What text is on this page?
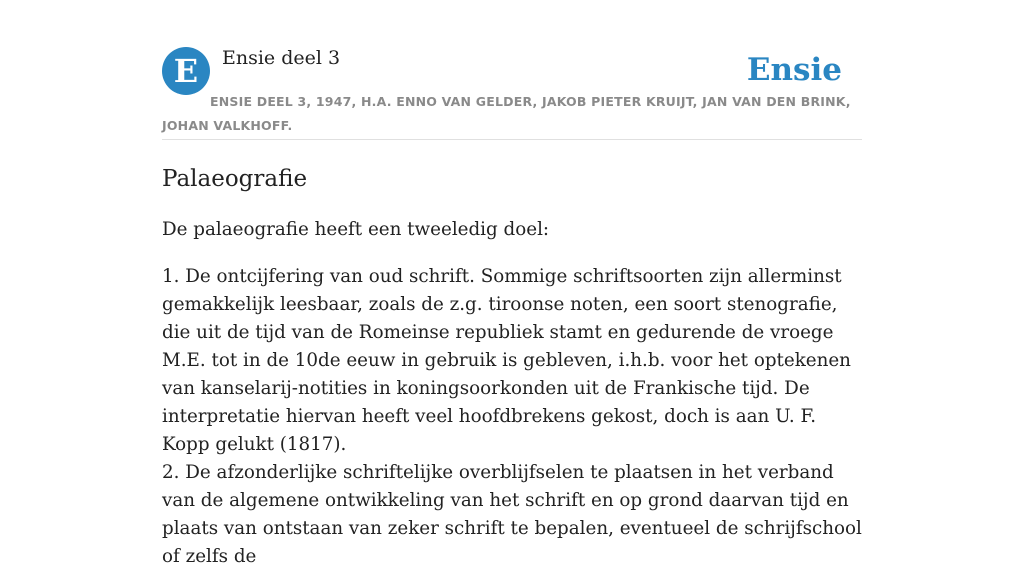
E	Ensie deel 3	Ensie
ENSIE DEEL 3, 1947, H.A. ENNO VAN GELDER, JAKOB PIETER KRUIJT, JAN VAN DEN BRINK, JOHAN VALKHOFF.
Palaeografie

De palaeografie heeft een tweeledig doel:

1. De ontcijfering van oud schrift. Sommige schriftsoorten zijn allerminst gemakkelijk leesbaar, zoals de z.g. tiroonse noten, een soort stenografie, die uit de tijd van de Romeinse republiek stamt en gedurende de vroege M.E. tot in de 10de eeuw in gebruik is gebleven, i.h.b. voor het optekenen van kanselarij-notities in koningsoorkonden uit de Frankische tijd. De interpretatie hiervan heeft veel hoofdbrekens gekost, doch is aan U. F. Kopp gelukt (1817).

2. De afzonderlijke schriftelijke overblijfselen te plaatsen in het verband van de algemene ontwikkeling van het schrift en op grond daarvan tijd en plaats van ontstaan van zeker schrift te bepalen, eventueel de schrijfschool of zelfs de
